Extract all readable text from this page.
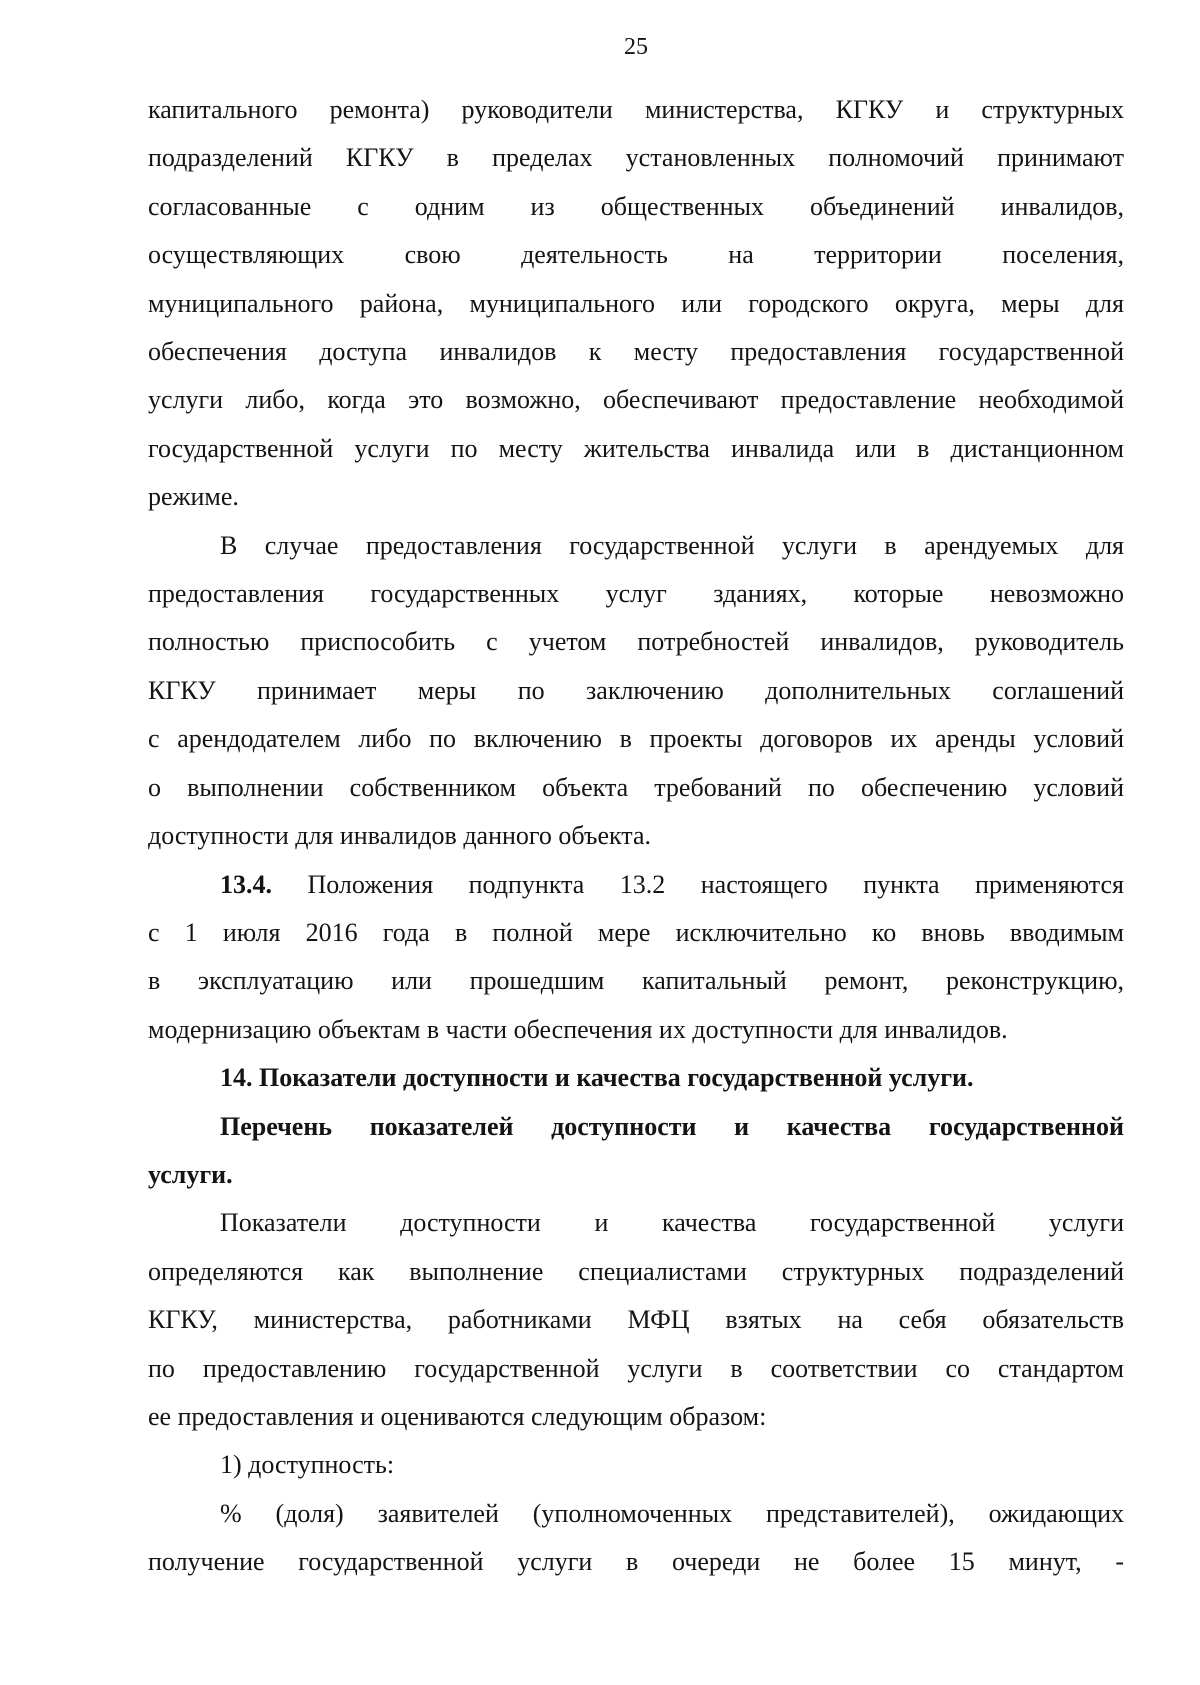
25

капитального ремонта) руководители министерства, КГКУ и структурных

подразделений КГКУ в пределах установленных полномочий принимают

согласованные с одним из общественных объединений инвалидов,

осуществляющих свою деятельность на территории поселения,

муниципального района, муниципального или городского округа, меры для

обеспечения доступа инвалидов к месту предоставления государственной

услуги либо, когда это возможно, обеспечивают предоставление необходимой

государственной услуги по месту жительства инвалида или в дистанционном

режиме.

В случае предоставления государственной услуги в арендуемых для

предоставления государственных услуг зданиях, которые невозможно

полностью приспособить с учетом потребностей инвалидов, руководитель

КГКУ принимает меры по заключению дополнительных соглашений

с арендодателем либо по включению в проекты договоров их аренды условий

о выполнении собственником объекта требований по обеспечению условий

доступности для инвалидов данного объекта.

13.4. Положения подпункта 13.2 настоящего пункта применяются

с 1 июля 2016 года в полной мере исключительно ко вновь вводимым

в эксплуатацию или прошедшим капитальный ремонт, реконструкцию,

модернизацию объектам в части обеспечения их доступности для инвалидов.

14. Показатели доступности и качества государственной услуги.

Перечень показателей доступности и качества государственной

услуги.

Показатели доступности и качества государственной услуги

определяются как выполнение специалистами структурных подразделений

КГКУ, министерства, работниками МФЦ взятых на себя обязательств

по предоставлению государственной услуги в соответствии со стандартом

ее предоставления и оцениваются следующим образом:

1) доступность:

% (доля) заявителей (уполномоченных представителей), ожидающих

получение государственной услуги в очереди не более 15 минут, -
